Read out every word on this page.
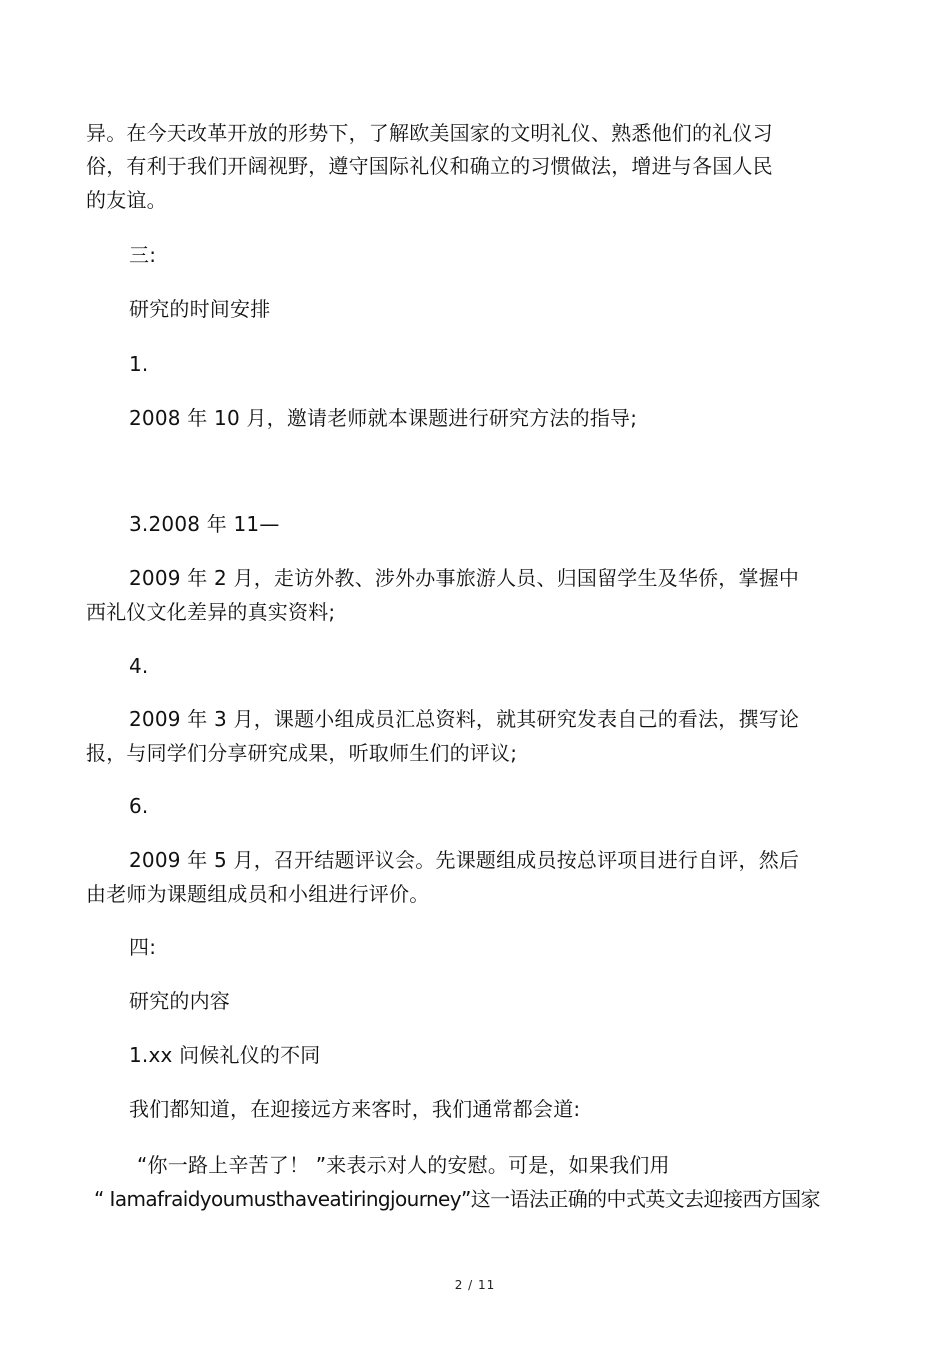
异。在今天改革开放的形势下，了解欧美国家的文明礼仪、熟悉他们的礼仪习
俗，有利于我们开阔视野，遵守国际礼仪和确立的习惯做法，增进与各国人民
的友谊。
三:
研究的时间安排
1.
2008 年 10 月，邀请老师就本课题进行研究方法的指导;
3.2008 年 11—
2009 年 2 月，走访外教、涉外办事旅游人员、归国留学生及华侨，掌握中
西礼仪文化差异的真实资料;
4.
2009 年 3 月，课题小组成员汇总资料，就其研究发表自己的看法，撰写论
报，与同学们分享研究成果，听取师生们的评议;
6.
2009 年 5 月，召开结题评议会。先课题组成员按总评项目进行自评，然后
由老师为课题组成员和小组进行评价。
四:
研究的内容
1.xx 问候礼仪的不同
我们都知道，在迎接远方来客时，我们通常都会道:
“你一路上辛苦了！ ”来表示对人的安慰。可是，如果我们用
“ Iamafraidyoumusthaveatiringjourney”这一语法正确的中式英文去迎接西方国家
2 / 11
